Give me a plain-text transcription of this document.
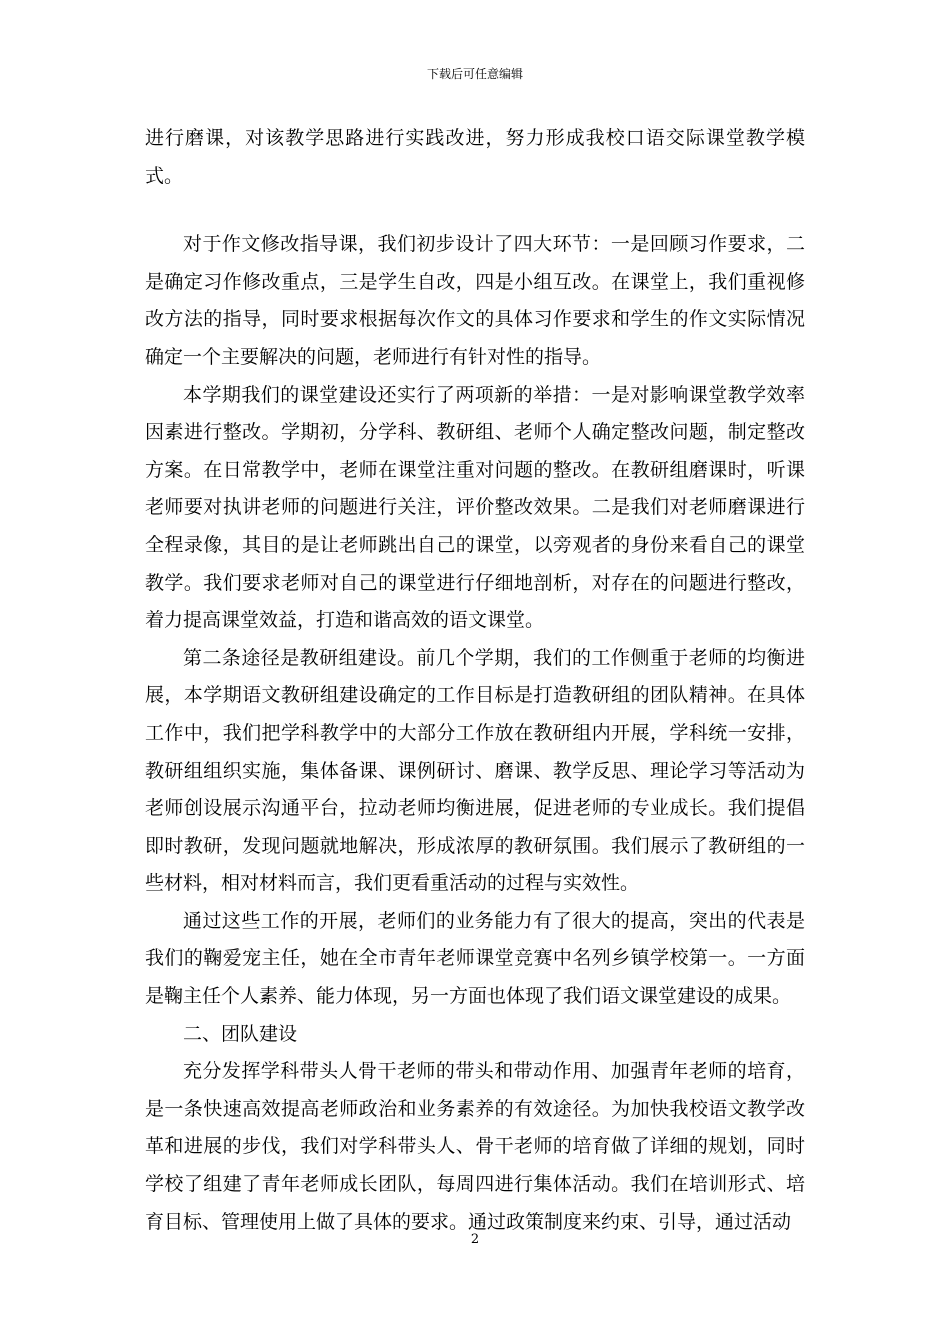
下载后可任意编辑

进行磨课，对该教学思路进行实践改进，努力形成我校口语交际课堂教学模式。

对于作文修改指导课，我们初步设计了四大环节：一是回顾习作要求，二是确定习作修改重点，三是学生自改，四是小组互改。在课堂上，我们重视修改方法的指导，同时要求根据每次作文的具体习作要求和学生的作文实际情况确定一个主要解决的问题，老师进行有针对性的指导。

本学期我们的课堂建设还实行了两项新的举措：一是对影响课堂教学效率因素进行整改。学期初，分学科、教研组、老师个人确定整改问题，制定整改方案。在日常教学中，老师在课堂注重对问题的整改。在教研组磨课时，听课老师要对执讲老师的问题进行关注，评价整改效果。二是我们对老师磨课进行全程录像，其目的是让老师跳出自己的课堂，以旁观者的身份来看自己的课堂教学。我们要求老师对自己的课堂进行仔细地剖析，对存在的问题进行整改，着力提高课堂效益，打造和谐高效的语文课堂。

第二条途径是教研组建设。前几个学期，我们的工作侧重于老师的均衡进展，本学期语文教研组建设确定的工作目标是打造教研组的团队精神。在具体工作中，我们把学科教学中的大部分工作放在教研组内开展，学科统一安排，教研组组织实施，集体备课、课例研讨、磨课、教学反思、理论学习等活动为老师创设展示沟通平台，拉动老师均衡进展，促进老师的专业成长。我们提倡即时教研，发现问题就地解决，形成浓厚的教研氛围。我们展示了教研组的一些材料，相对材料而言，我们更看重活动的过程与实效性。

通过这些工作的开展，老师们的业务能力有了很大的提高，突出的代表是我们的鞠爱宠主任，她在全市青年老师课堂竞赛中名列乡镇学校第一。一方面是鞠主任个人素养、能力体现，另一方面也体现了我们语文课堂建设的成果。

二、团队建设

充分发挥学科带头人骨干老师的带头和带动作用、加强青年老师的培育，是一条快速高效提高老师政治和业务素养的有效途径。为加快我校语文教学改革和进展的步伐，我们对学科带头人、骨干老师的培育做了详细的规划，同时学校了组建了青年老师成长团队，每周四进行集体活动。我们在培训形式、培育目标、管理使用上做了具体的要求。通过政策制度来约束、引导，通过活动

2
